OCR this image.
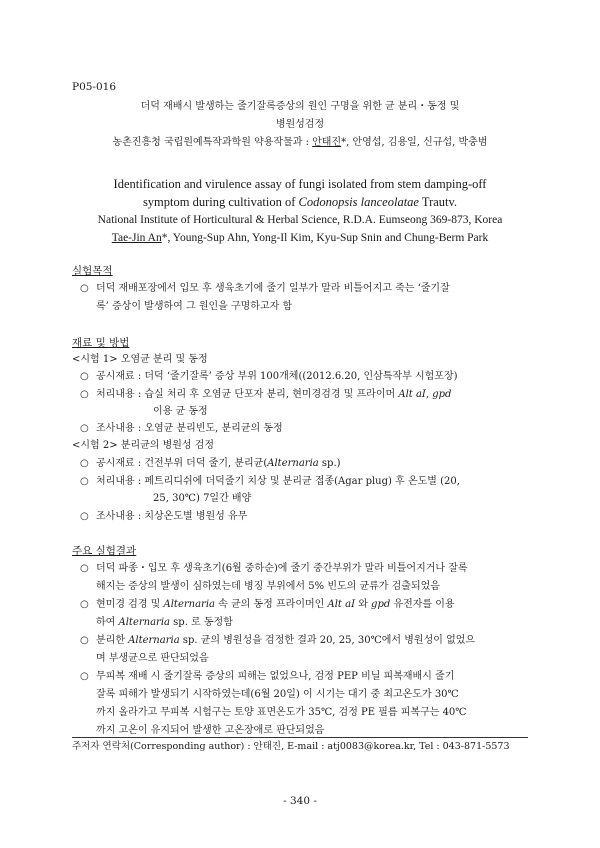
P05-016
더덕 재배시 발생하는 줄기잘록증상의 원인 구명을 위한 균 분리・동정 및
병원성검정
농촌진흥청 국립원예특작과학원 약용작물과 : 안태진*, 안영섭, 김용일, 신규섭, 박충범
Identification and virulence assay of fungi isolated from stem damping-off
symptom during cultivation of Codonopsis lanceolatae Trautv.
National Institute of Horticultural & Herbal Science, R.D.A. Eumseong 369-873, Korea
Tae-Jin An*, Young-Sup Ahn, Yong-Il Kim, Kyu-Sup Snin and Chung-Berm Park
실험목적
○ 더덕 재배포장에서 입모 후 생육초기에 줄기 일부가 말라 비틀어지고 죽는 ‘줄기잘
록’ 증상이 발생하여 그 원인을 구명하고자 함
재료 및 방법
<시험 1> 오염균 분리 및 동정
○ 공시재료 : 더덕 ‘줄기잘록’ 증상 부위 100개체((2012.6.20, 인삼특작부 시험포장)
○ 처리내용 : 습실 처리 후 오염균 단포자 분리, 현미경검경 및 프라이머 Alt aI, gpd
이용 균 동정
○ 조사내용 : 오염균 분리빈도, 분리균의 동정
<시험 2> 분리균의 병원성 검정
○ 공시재료 : 건전부위 더덕 줄기, 분리균(Alternaria sp.)
○ 처리내용 : 페트리디쉬에 더덕줄기 치상 및 분리균 접종(Agar plug) 후 온도별 (20,
25, 30℃) 7일간 배양
○ 조사내용 : 치상온도별 병원성 유무
주요 실험결과
○ 더덕 파종・입모 후 생육초기(6월 중하순)에 줄기 중간부위가 말라 비틀어지거나 잘록
해지는 증상의 발생이 심하였는데 병징 부위에서 5% 빈도의 균류가 검출되었음
○ 현미경 검경 및 Alternaria 속 균의 동정 프라이머인 Alt aI 와 gpd 유전자를 이용
하여 Alternaria sp. 로 동정함
○ 분리한 Alternaria sp. 균의 병원성을 검정한 결과 20, 25, 30℃에서 병원성이 없었으
며 부생균으로 판단되었음
○ 무피복 재배 시 줄기잘록 증상의 피해는 없었으나, 검정 PEP 비닐 피복재배시 줄기
잘록 피해가 발생되기 시작하였는데(6월 20일) 이 시기는 대기 중 최고온도가 30℃
까지 올라가고 무피복 시험구는 토양 표면온도가 35℃, 검정 PE 필름 피복구는 40℃
까지 고온이 유지되어 발생한 고온장애로 판단되었음
주저자 연락처(Corresponding author) : 안태진, E-mail : atj0083@korea.kr, Tel : 043-871-5573
- 340 -
